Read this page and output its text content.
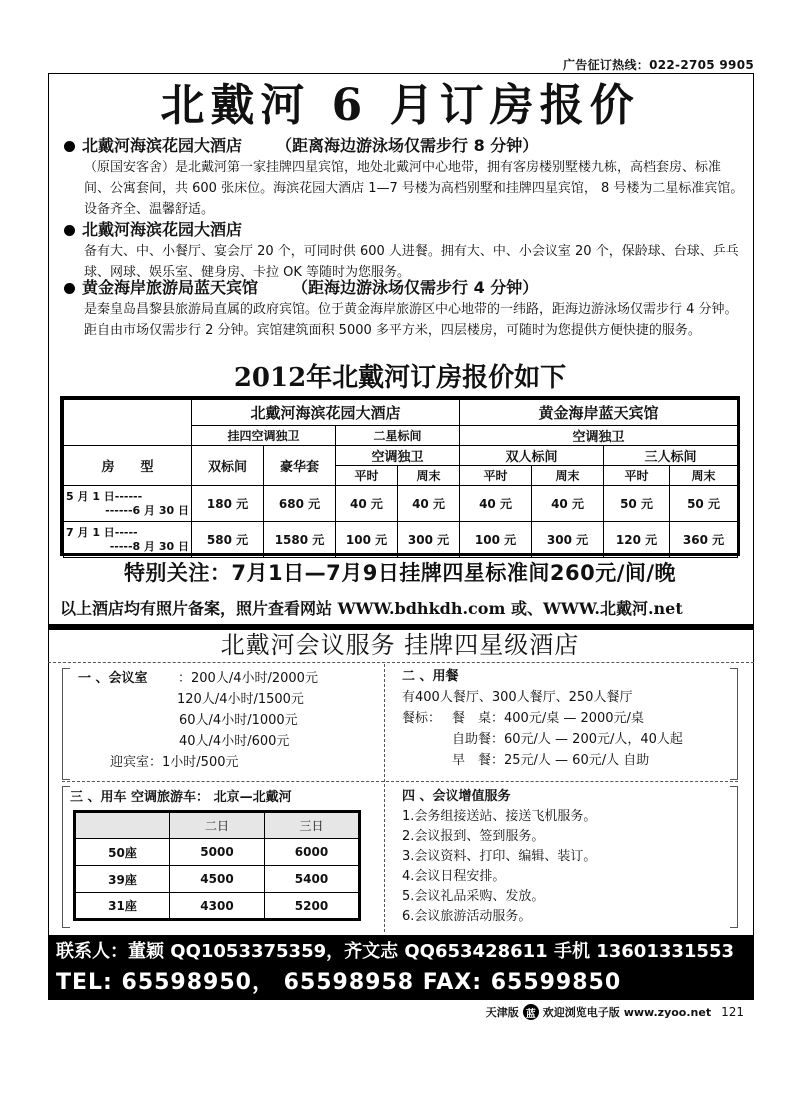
广告征订热线：022-2705 9905
北戴河 6 月订房报价
北戴河海滨花园大酒店 （距离海边游泳场仅需步行 8 分钟）
（原国安客舍）是北戴河第一家挂牌四星宾馆，地处北戴河中心地带，拥有客房楼别墅楼九栋，高档套房、标准间、公寓套间，共 600 张床位。海滨花园大酒店 1—7 号楼为高档别墅和挂牌四星宾馆， 8 号楼为二星标准宾馆。设备齐全、温馨舒适。
北戴河海滨花园大酒店
备有大、中、小餐厅、宴会厅 20 个，可同时供 600 人进餐。拥有大、中、小会议室 20 个，保龄球、台球、乒乓球、网球、娱乐室、健身房、卡拉 OK 等随时为您服务。
黄金海岸旅游局蓝天宾馆 （距海边游泳场仅需步行 4 分钟）
是秦皇岛昌黎县旅游局直属的政府宾馆。位于黄金海岸旅游区中心地带的一纬路，距海边游泳场仅需步行 4 分钟。距自由市场仅需步行 2 分钟。宾馆建筑面积 5000 多平方米，四层楼房，可随时为您提供方便快捷的服务。
2012年北戴河订房报价如下
	北戴河海滨花园大酒店				黄金海岸蓝天宾馆			
	挂四空调独卫		二星标间		空调独卫			
房　　型	双标间	豪华套	空调独卫		双人标间		三人标间	
			平时	周末	平时	周末	平时	周末

5 月 1 日------
------6 月 30 日	180 元	680 元	40 元	40 元	40 元	40 元	50 元	50 元

7 月 1 日-----
-----8 月 30 日	580 元	1580 元	100 元	300 元	100 元	300 元	120 元	360 元
特别关注：7月1日—7月9日挂牌四星标准间260元/间/晚
以上酒店均有照片备案，照片查看网站 WWW.bdhkdh.com 或、WWW.北戴河.net
北戴河会议服务 挂牌四星级酒店
一 、会议室	： 200人/4小时/2000元
120人/4小时/1500元
60人/4小时/1000元
40人/4小时/600元
迎宾室：1小时/500元
二 、用餐
有400人餐厅、300人餐厅、250人餐厅
餐标： 餐　桌：400元/桌 — 2000元/桌
自助餐：60元/人 — 200元/人，40人起
早　餐：25元/人 — 60元/人 自助
三 、用车 空调旅游车： 北京—北戴河
	二日	三日
50座	5000	6000
39座	4500	5400
31座	4300	5200
四 、会议增值服务
1.会务组接送站、接送飞机服务。
2.会议报到、签到服务。
3.会议资料、打印、编辑、装订。
4.会议日程安排。
5.会议礼品采购、发放。
6.会议旅游活动服务。
联系人：董颖 QQ1053375359，齐文志 QQ653428611 手机 13601331553
TEL: 65598950， 65598958 FAX: 65599850
天津版 蓝 欢迎浏览电子版 www.zyoo.net 121
